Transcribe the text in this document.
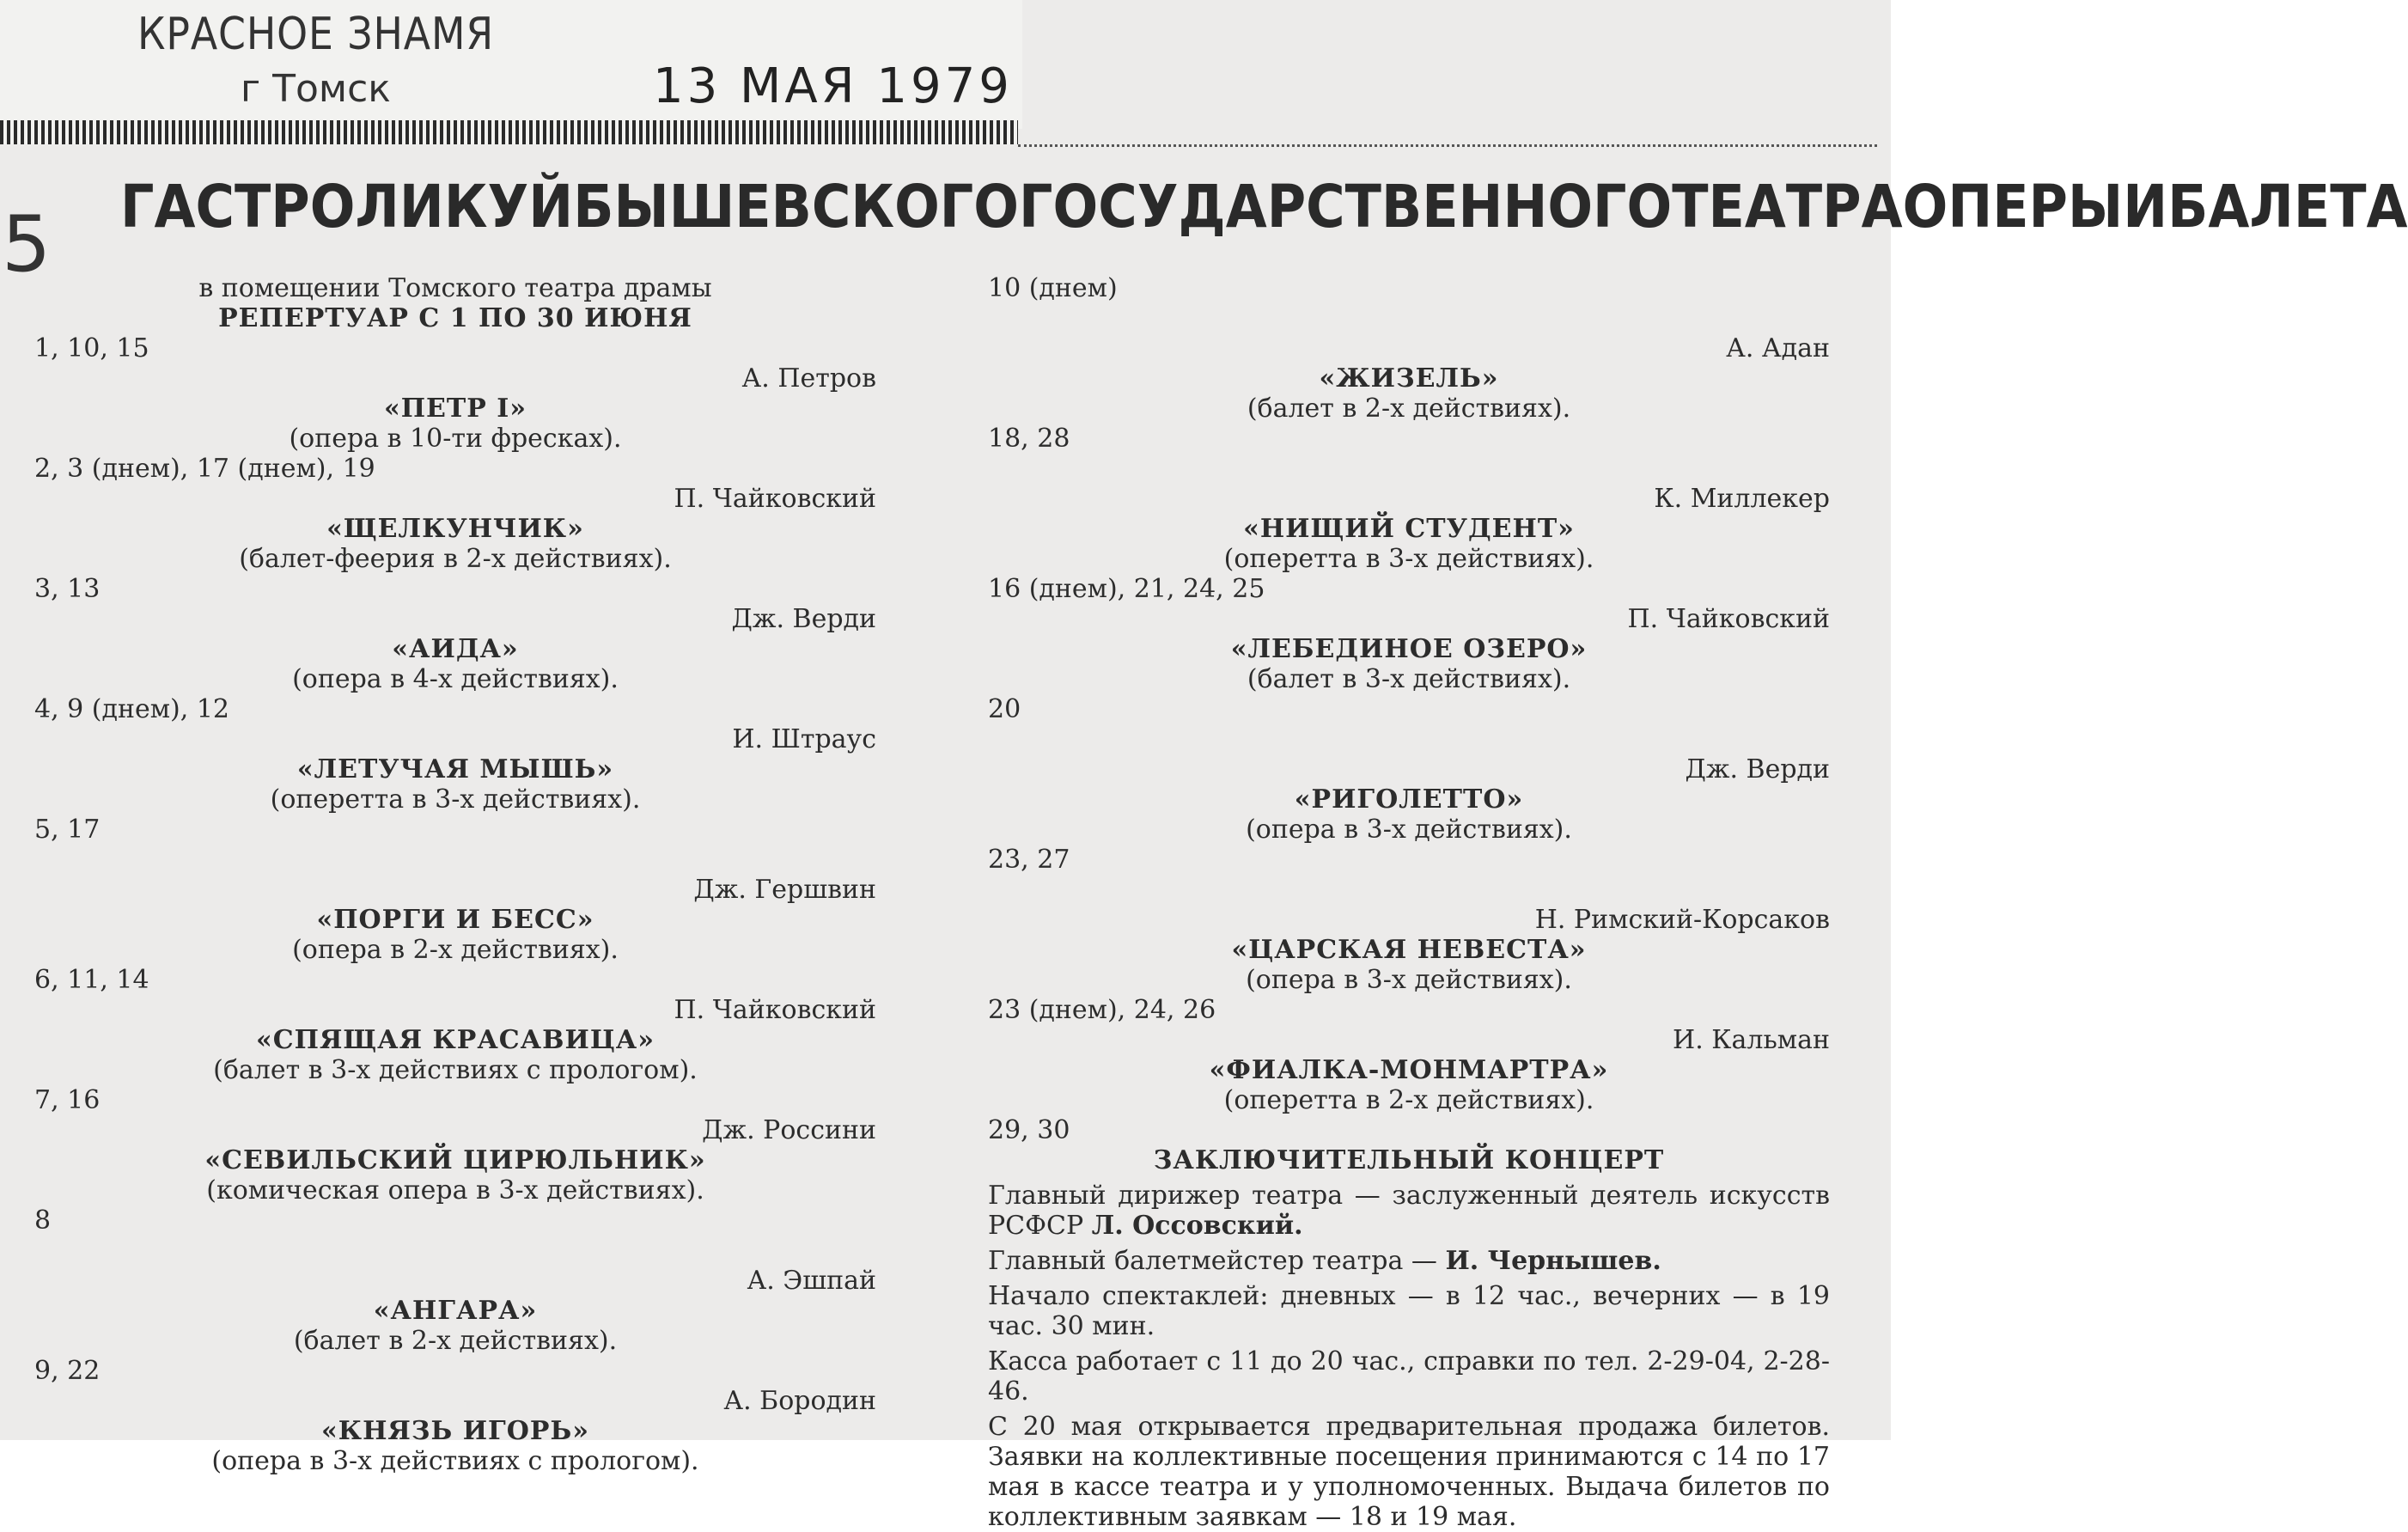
КРАСНОЕ ЗНАМЯ
г Томск	13 МАЯ 1979
5 ГАСТРОЛИ КУЙБЫШЕВСКОГО ГОСУДАРСТВЕННОГО ТЕАТРА ОПЕРЫ И БАЛЕТА
в помещении Томского театра драмы
РЕПЕРТУАР С 1 ПО 30 ИЮНЯ
1, 10, 15
А. Петров
«ПЕТР I»
(опера в 10-ти фресках).
2, 3 (днем), 17 (днем), 19
П. Чайковский
«ЩЕЛКУНЧИК»
(балет-феерия в 2-х действиях).
3, 13
Дж. Верди
«АИДА»
(опера в 4-х действиях).
4, 9 (днем), 12
И. Штраус
«ЛЕТУЧАЯ МЫШЬ»
(оперетта в 3-х действиях).
5, 17
Дж. Гершвин
«ПОРГИ И БЕСС»
(опера в 2-х действиях).
6, 11, 14
П. Чайковский
«СПЯЩАЯ КРАСАВИЦА»
(балет в 3-х действиях с прологом).
7, 16
Дж. Россини
«СЕВИЛЬСКИЙ ЦИРЮЛЬНИК»
(комическая опера в 3-х действиях).
8
А. Эшпай
«АНГАРА»
(балет в 2-х действиях).
9, 22
А. Бородин
«КНЯЗЬ ИГОРЬ»
(опера в 3-х действиях с прологом).
10 (днем)
А. Адан
«ЖИЗЕЛЬ»
(балет в 2-х действиях).
18, 28
К. Миллекер
«НИЩИЙ СТУДЕНТ»
(оперетта в 3-х действиях).
16 (днем), 21, 24, 25
П. Чайковский
«ЛЕБЕДИНОЕ ОЗЕРО»
(балет в 3-х действиях).
20
Дж. Верди
«РИГОЛЕТТО»
(опера в 3-х действиях).
23, 27
Н. Римский-Корсаков
«ЦАРСКАЯ НЕВЕСТА»
(опера в 3-х действиях).
23 (днем), 24, 26
И. Кальман
«ФИАЛКА-МОНМАРТРА»
(оперетта в 2-х действиях).
29, 30
ЗАКЛЮЧИТЕЛЬНЫЙ КОНЦЕРТ
Главный дирижер театра — заслуженный деятель искусств РСФСР Л. Оссовский.
Главный балетмейстер театра — И. Чернышев.
Начало спектаклей: дневных — в 12 час., вечерних — в 19 час. 30 мин.
Касса работает с 11 до 20 час., справки по тел. 2-29-04, 2-28-46.
С 20 мая открывается предварительная продажа билетов. Заявки на коллективные посещения принимаются с 14 по 17 мая в кассе театра и у уполномоченных. Выдача билетов по коллективным заявкам — 18 и 19 мая.
